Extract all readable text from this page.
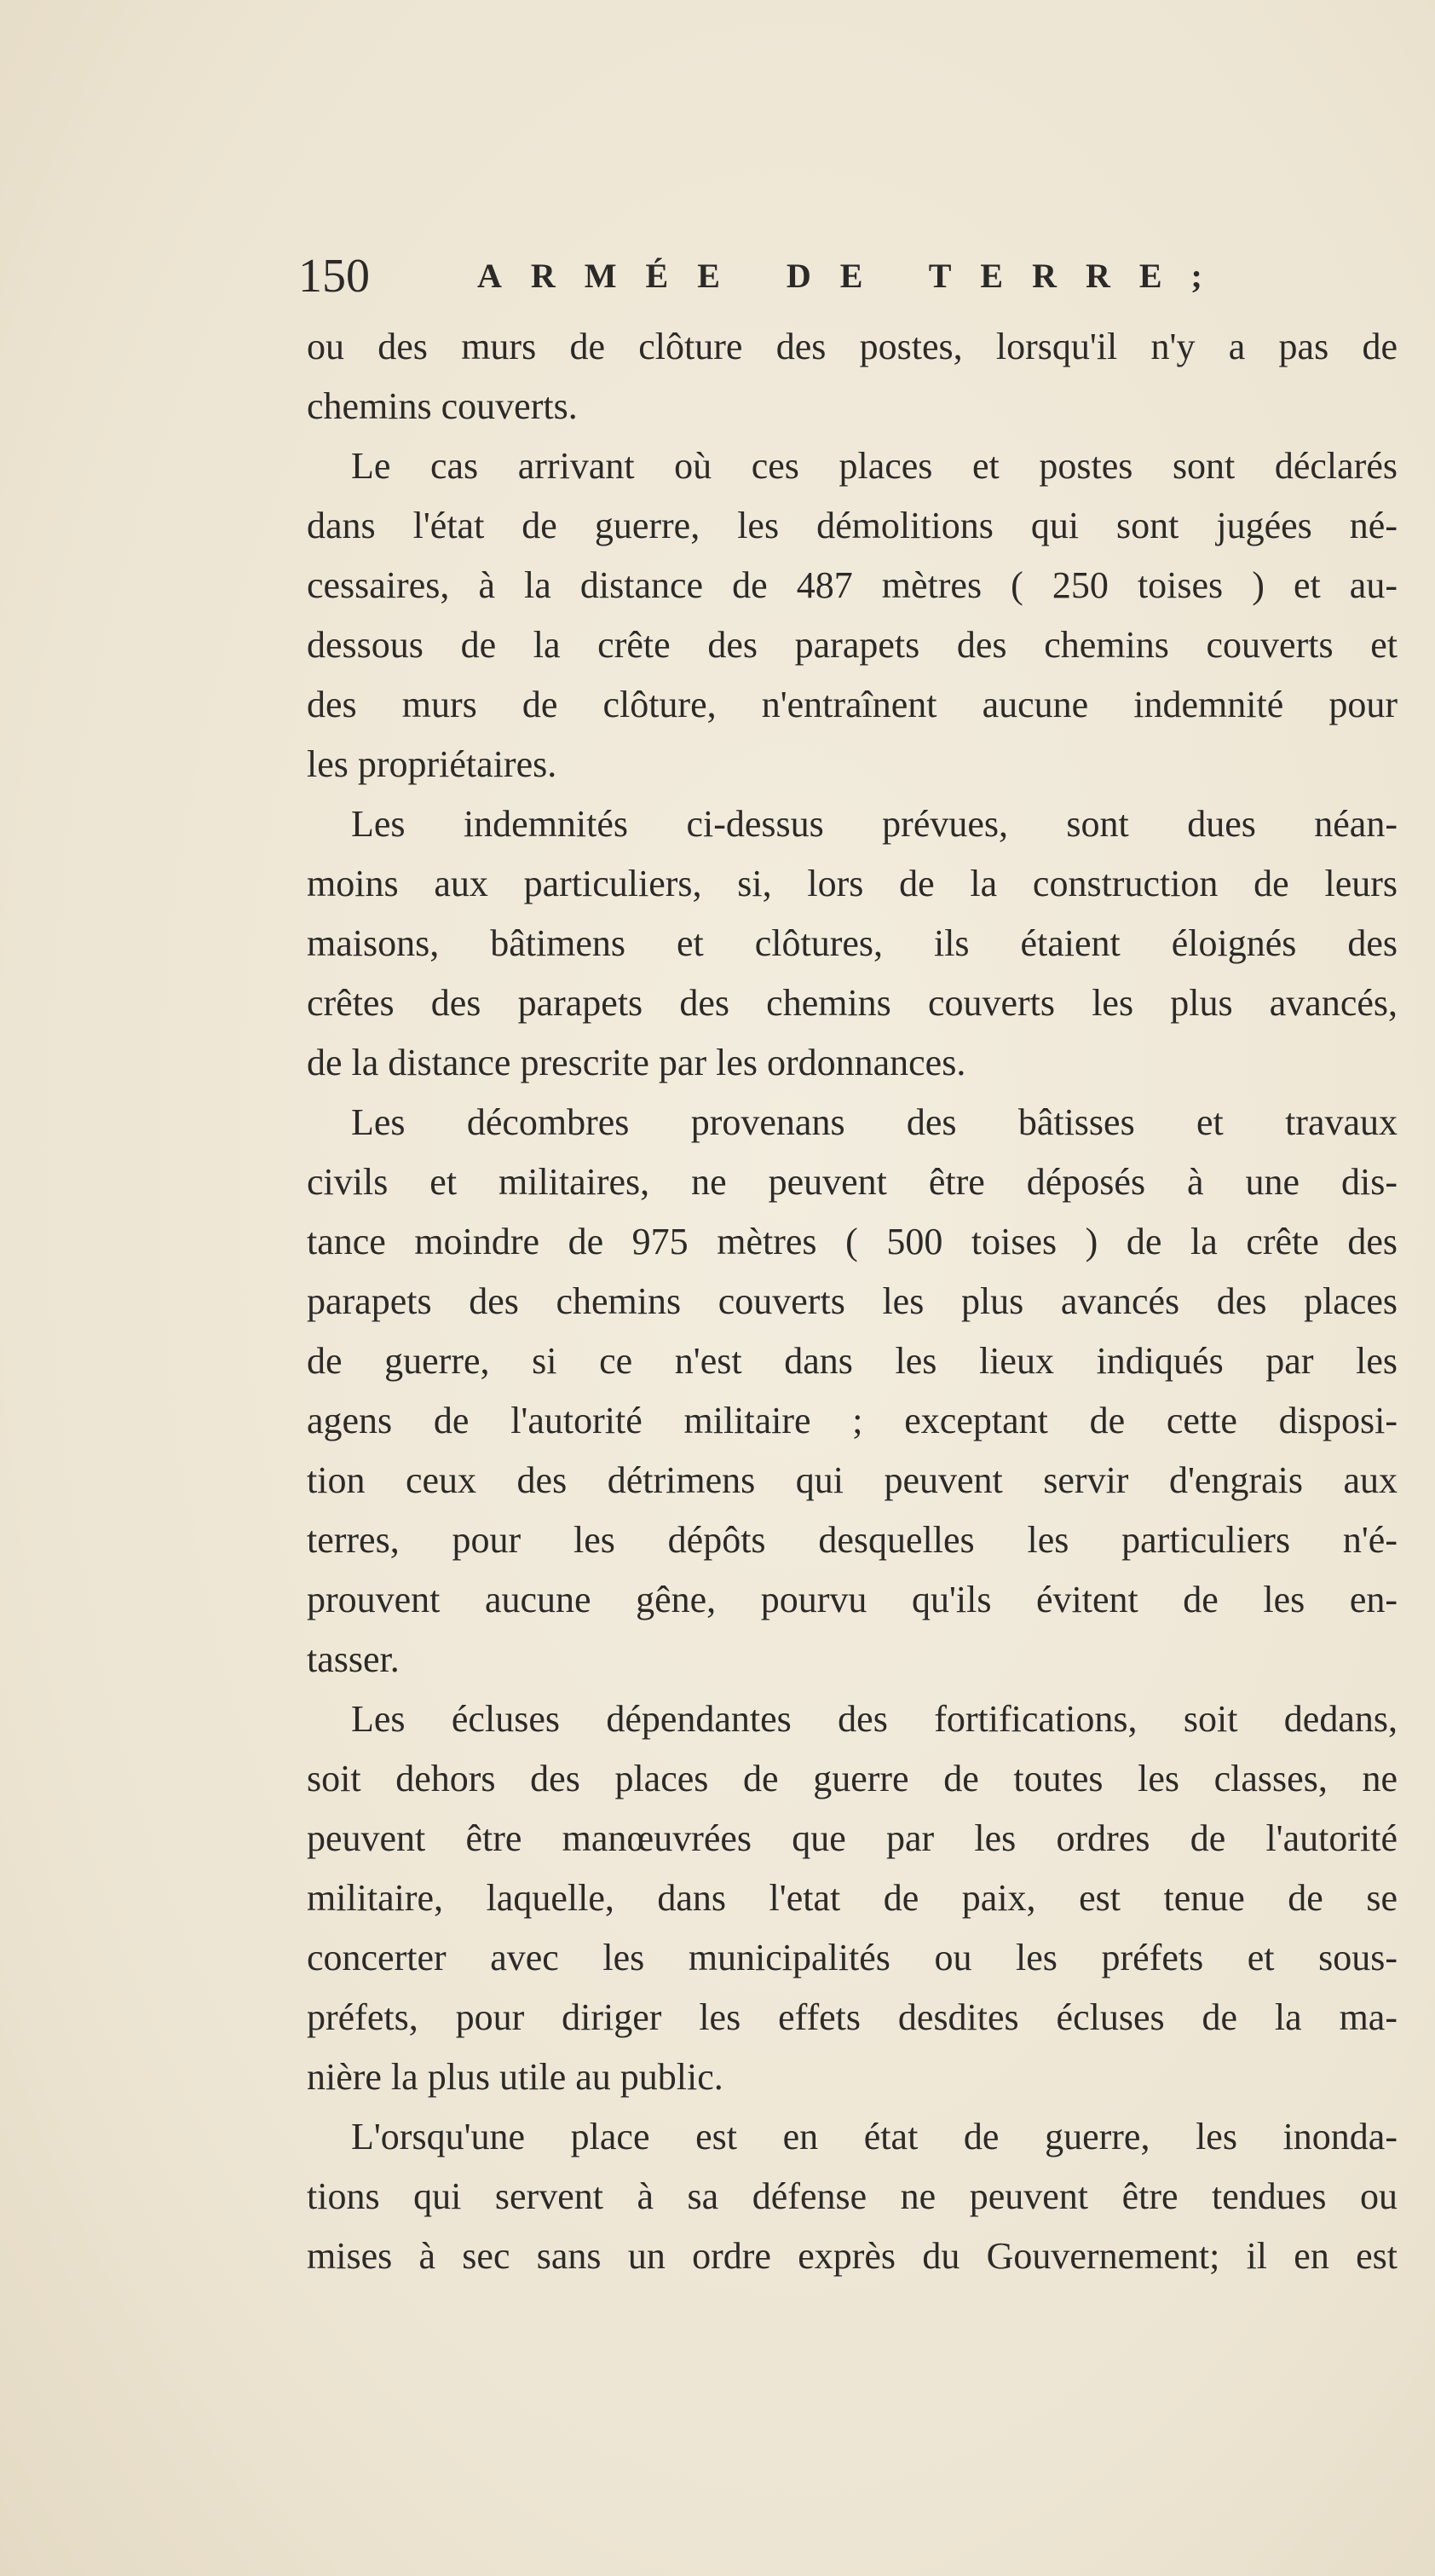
150	ARMÉE DE TERRE;
ou des murs de clôture des postes, lorsqu'il n'y a pas de
chemins couverts.
Le cas arrivant où ces places et postes sont déclarés
dans l'état de guerre, les démolitions qui sont jugées né-
cessaires, à la distance de 487 mètres ( 250 toises ) et au-
dessous de la crête des parapets des chemins couverts et
des murs de clôture, n'entraînent aucune indemnité pour
les propriétaires.
Les indemnités ci-dessus prévues, sont dues néan-
moins aux particuliers, si, lors de la construction de leurs
maisons, bâtimens et clôtures, ils étaient éloignés des
crêtes des parapets des chemins couverts les plus avancés,
de la distance prescrite par les ordonnances.
Les décombres provenans des bâtisses et travaux
civils et militaires, ne peuvent être déposés à une dis-
tance moindre de 975 mètres ( 500 toises ) de la crête des
parapets des chemins couverts les plus avancés des places
de guerre, si ce n'est dans les lieux indiqués par les
agens de l'autorité militaire ; exceptant de cette disposi-
tion ceux des détrimens qui peuvent servir d'engrais aux
terres, pour les dépôts desquelles les particuliers n'é-
prouvent aucune gêne, pourvu qu'ils évitent de les en-
tasser.
Les écluses dépendantes des fortifications, soit dedans,
soit dehors des places de guerre de toutes les classes, ne
peuvent être manœuvrées que par les ordres de l'autorité
militaire, laquelle, dans l'etat de paix, est tenue de se
concerter avec les municipalités ou les préfets et sous-
préfets, pour diriger les effets desdites écluses de la ma-
nière la plus utile au public.
L'orsqu'une place est en état de guerre, les inonda-
tions qui servent à sa défense ne peuvent être tendues ou
mises à sec sans un ordre exprès du Gouvernement; il en est
